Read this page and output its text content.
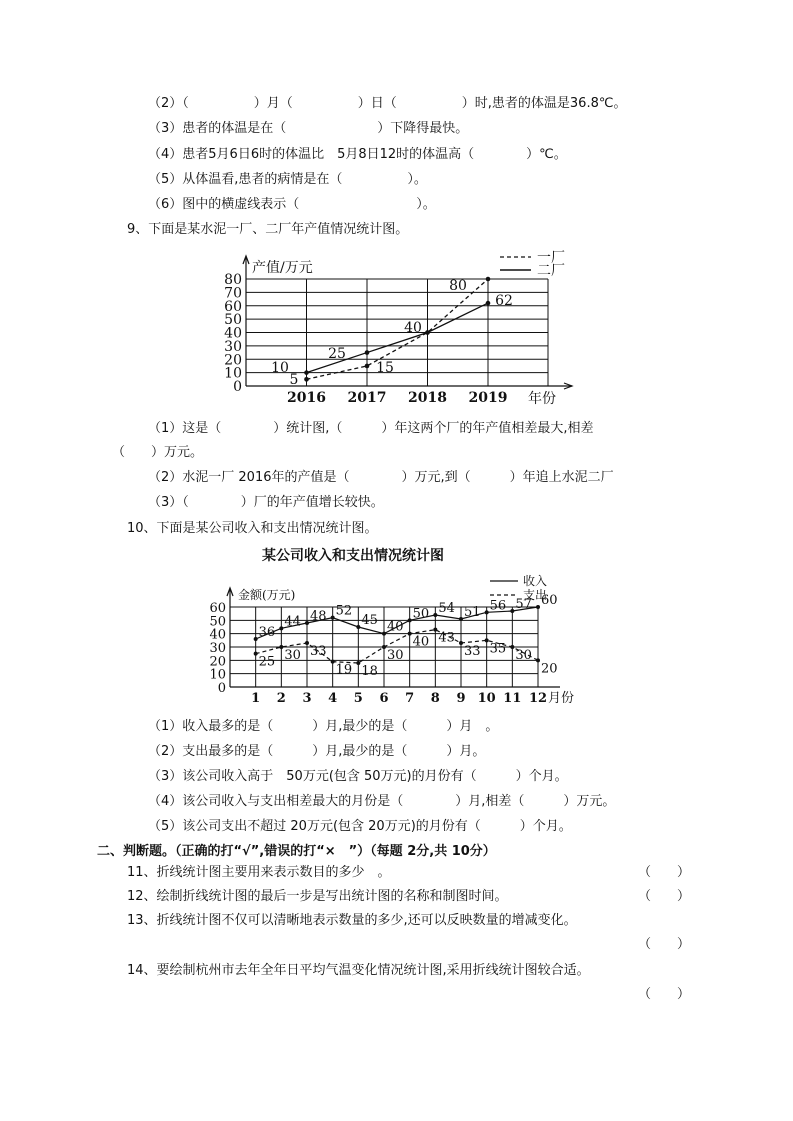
（2）（　　　　　）月（　　　　　）日（　　　　　）时,患者的体温是36.8℃。
（3）患者的体温是在（　　　　　　　）下降得最快。
（4）患者5月6日6时的体温比　5月8日12时的体温高（　　　　）℃。
（5）从体温看,患者的病情是在（　　　　　）。
（6）图中的横虚线表示（　　　　　　　　　）。
9、下面是某水泥一厂、二厂年产值情况统计图。
0
10
20
30
40
50
60
70
80
2016 2017 2018 2019
产值/万元
年份
10
5
25
15
40
80
62
一厂
二厂
（1）这是（　　　　）统计图,（　　　）年这两个厂的年产值相差最大,相差
（　　）万元。
（2）水泥一厂 2016年的产值是（　　　　）万元,到（　　　）年追上水泥二厂
（3）（　　　　）厂的年产值增长较快。
10、下面是某公司收入和支出情况统计图。
某公司收入和支出情况统计图
0
10
20
30
40
50
60
1 2 3 4 5 6 7 8 9 10 11 12
金额(万元)
月份
36
44 48 52
45 40
50 54 51 56 57 60
25 30 33
19 18
30
40 43
33 35 30
20
收入
支出
（1）收入最多的是（　　　）月,最少的是（　　　）月　。
（2）支出最多的是（　　　）月,最少的是（　　　）月。
（3）该公司收入高于　50万元(包含 50万元)的月份有（　　　）个月。
（4）该公司收入与支出相差最大的月份是（　　　　）月,相差（　　　）万元。
（5）该公司支出不超过 20万元(包含 20万元)的月份有（　　　）个月。
二、判断题。（正确的打“√”,错误的打“×　”）（每题 2分,共 10分）
11、折线统计图主要用来表示数目的多少　。	（　　）
12、绘制折线统计图的最后一步是写出统计图的名称和制图时间。	（　　）
13、折线统计图不仅可以清晰地表示数量的多少,还可以反映数量的增减变化。
（　　）
14、要绘制杭州市去年全年日平均气温变化情况统计图,采用折线统计图较合适。
（　　）
